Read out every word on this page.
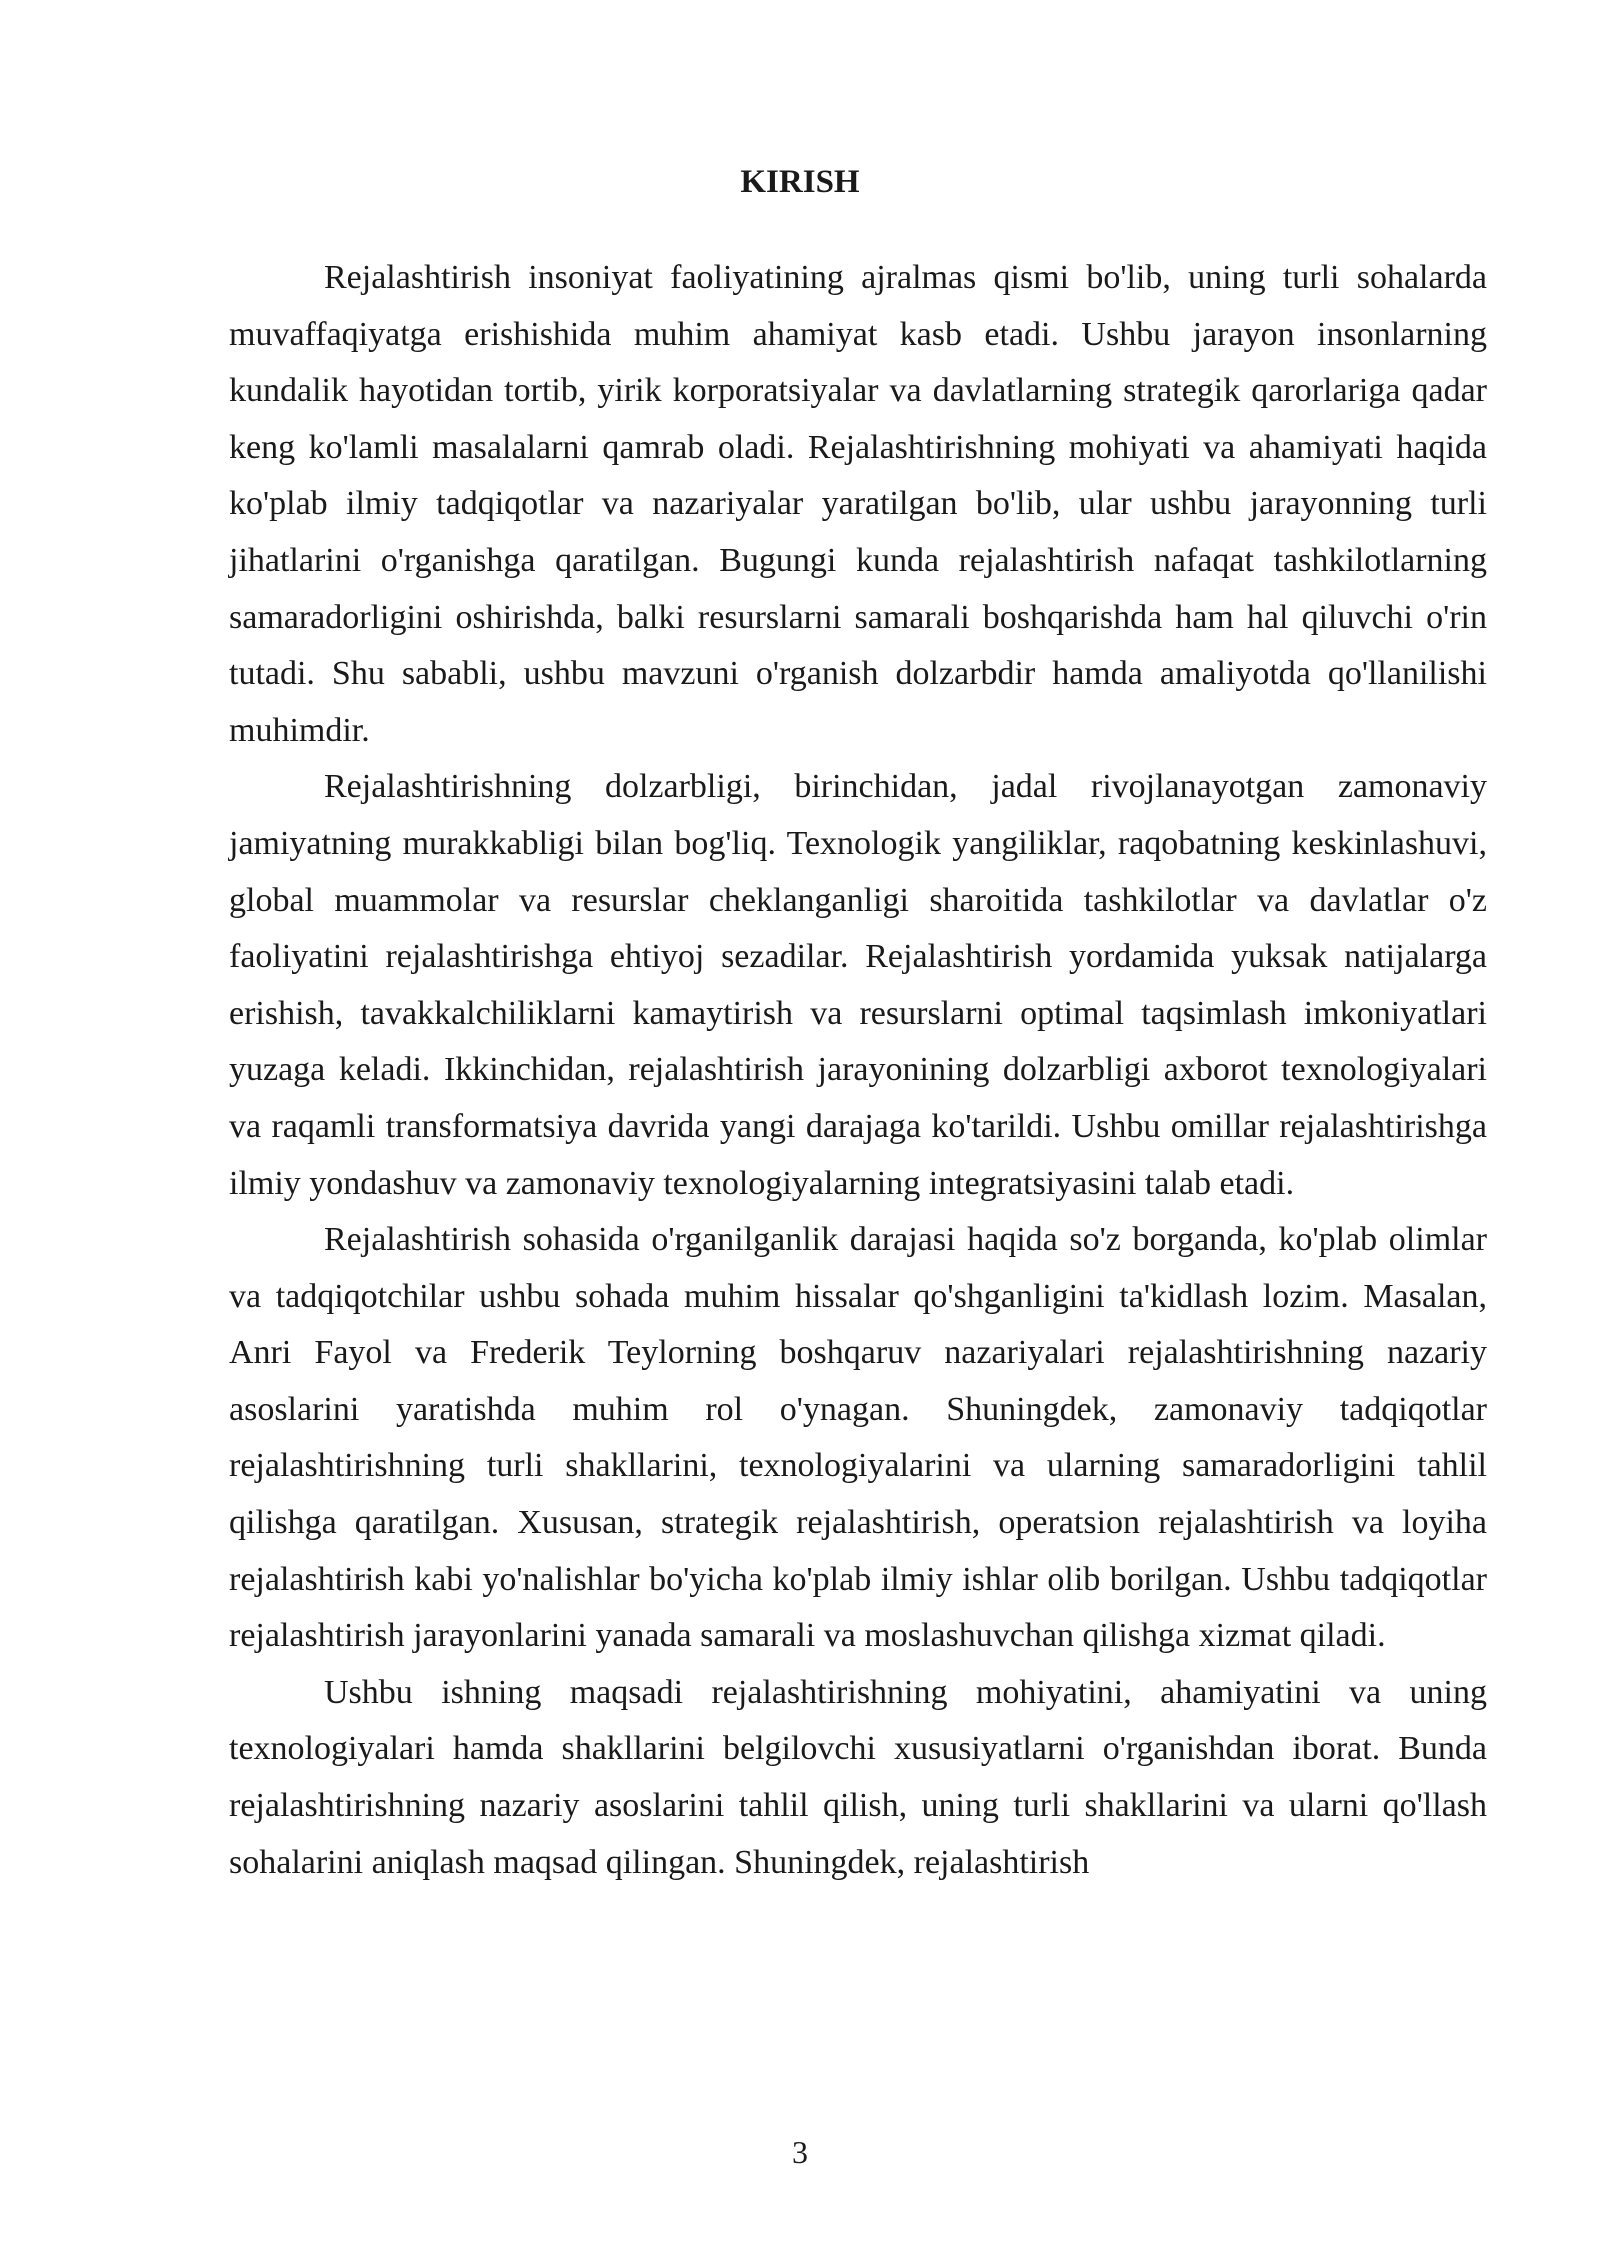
KIRISH

Rejalashtirish insoniyat faoliyatining ajralmas qismi bo'lib, uning turli sohalarda muvaffaqiyatga erishishida muhim ahamiyat kasb etadi. Ushbu jarayon insonlarning kundalik hayotidan tortib, yirik korporatsiyalar va davlatlarning strategik qarorlariga qadar keng ko'lamli masalalarni qamrab oladi. Rejalashtirishning mohiyati va ahamiyati haqida ko'plab ilmiy tadqiqotlar va nazariyalar yaratilgan bo'lib, ular ushbu jarayonning turli jihatlarini o'rganishga qaratilgan. Bugungi kunda rejalashtirish nafaqat tashkilotlarning samaradorligini oshirishda, balki resurslarni samarali boshqarishda ham hal qiluvchi o'rin tutadi. Shu sababli, ushbu mavzuni o'rganish dolzarbdir hamda amaliyotda qo'llanilishi muhimdir.

Rejalashtirishning dolzarbligi, birinchidan, jadal rivojlanayotgan zamonaviy jamiyatning murakkabligi bilan bog'liq. Texnologik yangiliklar, raqobatning keskinlashuvi, global muammolar va resurslar cheklanganligi sharoitida tashkilotlar va davlatlar o'z faoliyatini rejalashtirishga ehtiyoj sezadilar. Rejalashtirish yordamida yuksak natijalarga erishish, tavakkalchiliklarni kamaytirish va resurslarni optimal taqsimlash imkoniyatlari yuzaga keladi. Ikkinchidan, rejalashtirish jarayonining dolzarbligi axborot texnologiyalari va raqamli transformatsiya davrida yangi darajaga ko'tarildi. Ushbu omillar rejalashtirishga ilmiy yondashuv va zamonaviy texnologiyalarning integratsiyasini talab etadi.

Rejalashtirish sohasida o'rganilganlik darajasi haqida so'z borganda, ko'plab olimlar va tadqiqotchilar ushbu sohada muhim hissalar qo'shganligini ta'kidlash lozim. Masalan, Anri Fayol va Frederik Teylorning boshqaruv nazariyalari rejalashtirishning nazariy asoslarini yaratishda muhim rol o'ynagan. Shuningdek, zamonaviy tadqiqotlar rejalashtirishning turli shakllarini, texnologiyalarini va ularning samaradorligini tahlil qilishga qaratilgan. Xususan, strategik rejalashtirish, operatsion rejalashtirish va loyiha rejalashtirish kabi yo'nalishlar bo'yicha ko'plab ilmiy ishlar olib borilgan. Ushbu tadqiqotlar rejalashtirish jarayonlarini yanada samarali va moslashuvchan qilishga xizmat qiladi.

Ushbu ishning maqsadi rejalashtirishning mohiyatini, ahamiyatini va uning texnologiyalari hamda shakllarini belgilovchi xususiyatlarni o'rganishdan iborat. Bunda rejalashtirishning nazariy asoslarini tahlil qilish, uning turli shakllarini va ularni qo'llash sohalarini aniqlash maqsad qilingan. Shuningdek, rejalashtirish

3
